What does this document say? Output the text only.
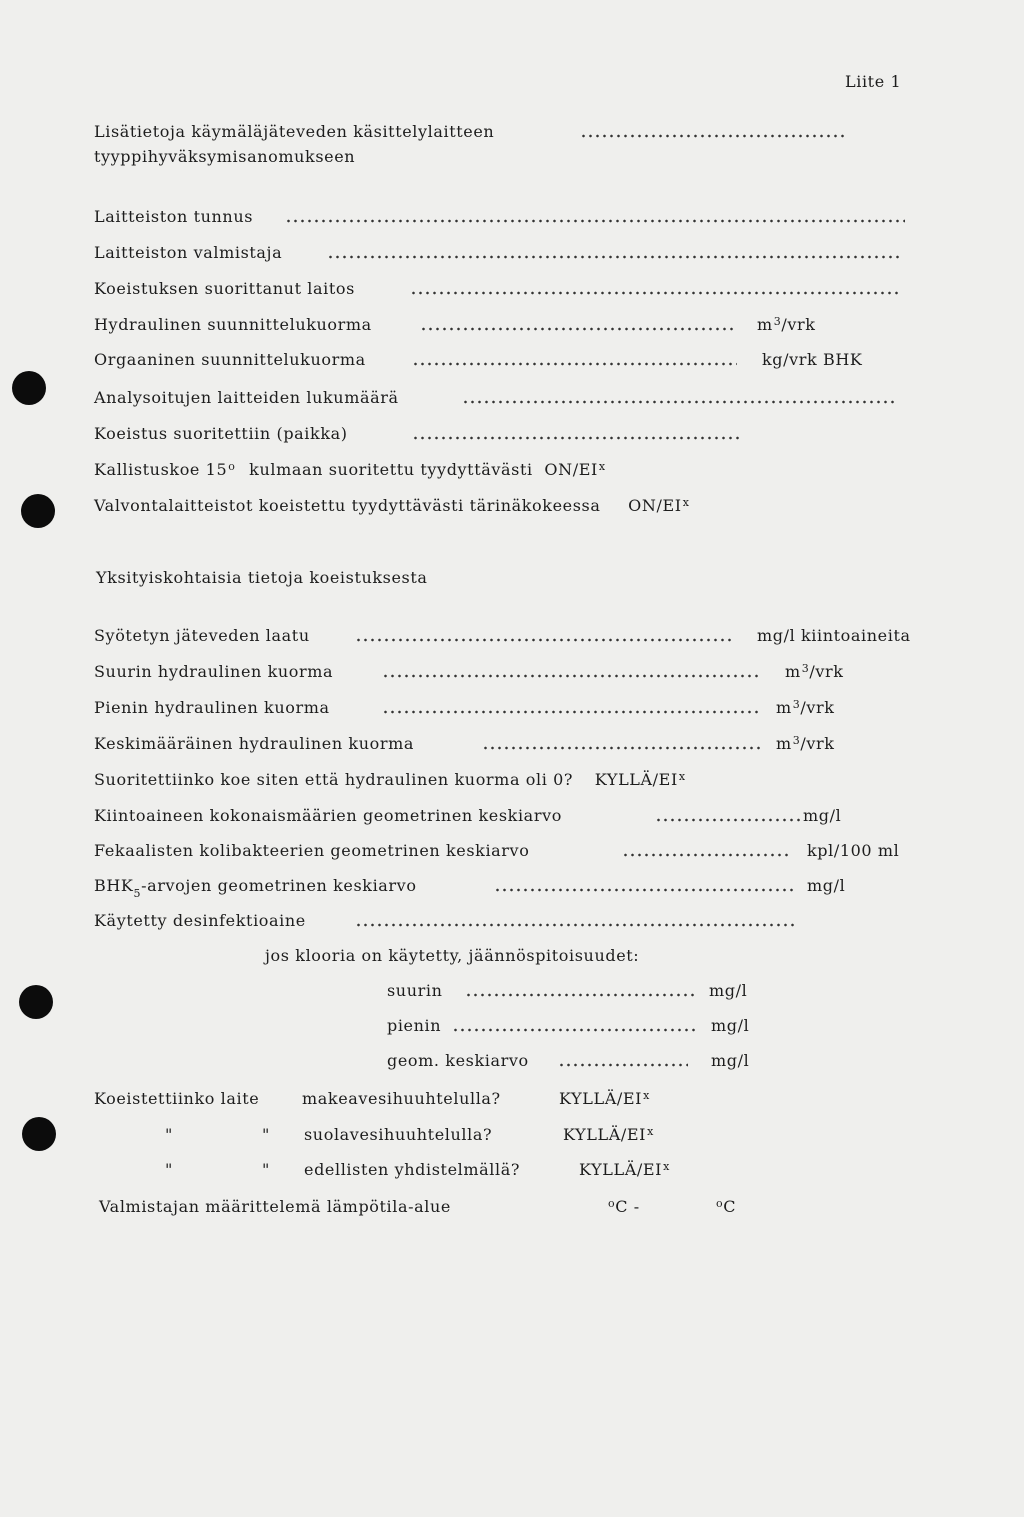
Liite 1
Lisätietoja käymäläjäteveden käsittelylaitteen
tyyppihyväksymisanomukseen
Laitteiston tunnus
Laitteiston valmistaja
Koeistuksen suorittanut laitos
Hydraulinen suunnittelukuorma	$m^3$/vrk
Orgaaninen suunnittelukuorma	kg/vrk BHK
Analysoitujen laitteiden lukumäärä
Koeistus suoritettiin (paikka)
Kallistuskoe 15$^o$ kulmaan suoritettu tyydyttävästi $ON/EI^x$
Valvontalaitteistot koeistettu tyydyttävästi tärinäkokeessa $ON/EI^x$
Yksityiskohtaisia tietoja koeistuksesta
Syötetyn jäteveden laatu	mg/l kiintoaineita
Suurin hydraulinen kuorma	$m^3$/vrk
Pienin hydraulinen kuorma	$m^3$/vrk
Keskimääräinen hydraulinen kuorma	$m^3$/vrk
Suoritettiinko koe siten että hydraulinen kuorma oli 0? KYLLÄ/$EI^x$
Kiintoaineen kokonaismäärien geometrinen keskiarvo	mg/l
Fekaalisten kolibakteerien geometrinen keskiarvo	kpl/100 ml
$BHK_5$-arvojen geometrinen keskiarvo	mg/l
Käytetty desinfektioaine
jos klooria on käytetty, jäännöspitoisuudet:
suurin	mg/l
pienin	mg/l
geom. keskiarvo	mg/l
Koeistettiinko laite	makeavesihuuhtelulla?	KYLLÄ/$EI^x$
"	" suolavesihuuhtelulla?	KYLLÄ/$EI^x$
"	" edellisten yhdistelmällä?	KYLLÄ/$EI^x$
Valmistajan määrittelemä lämpötila-alue	$^o$C -	$^o$C
